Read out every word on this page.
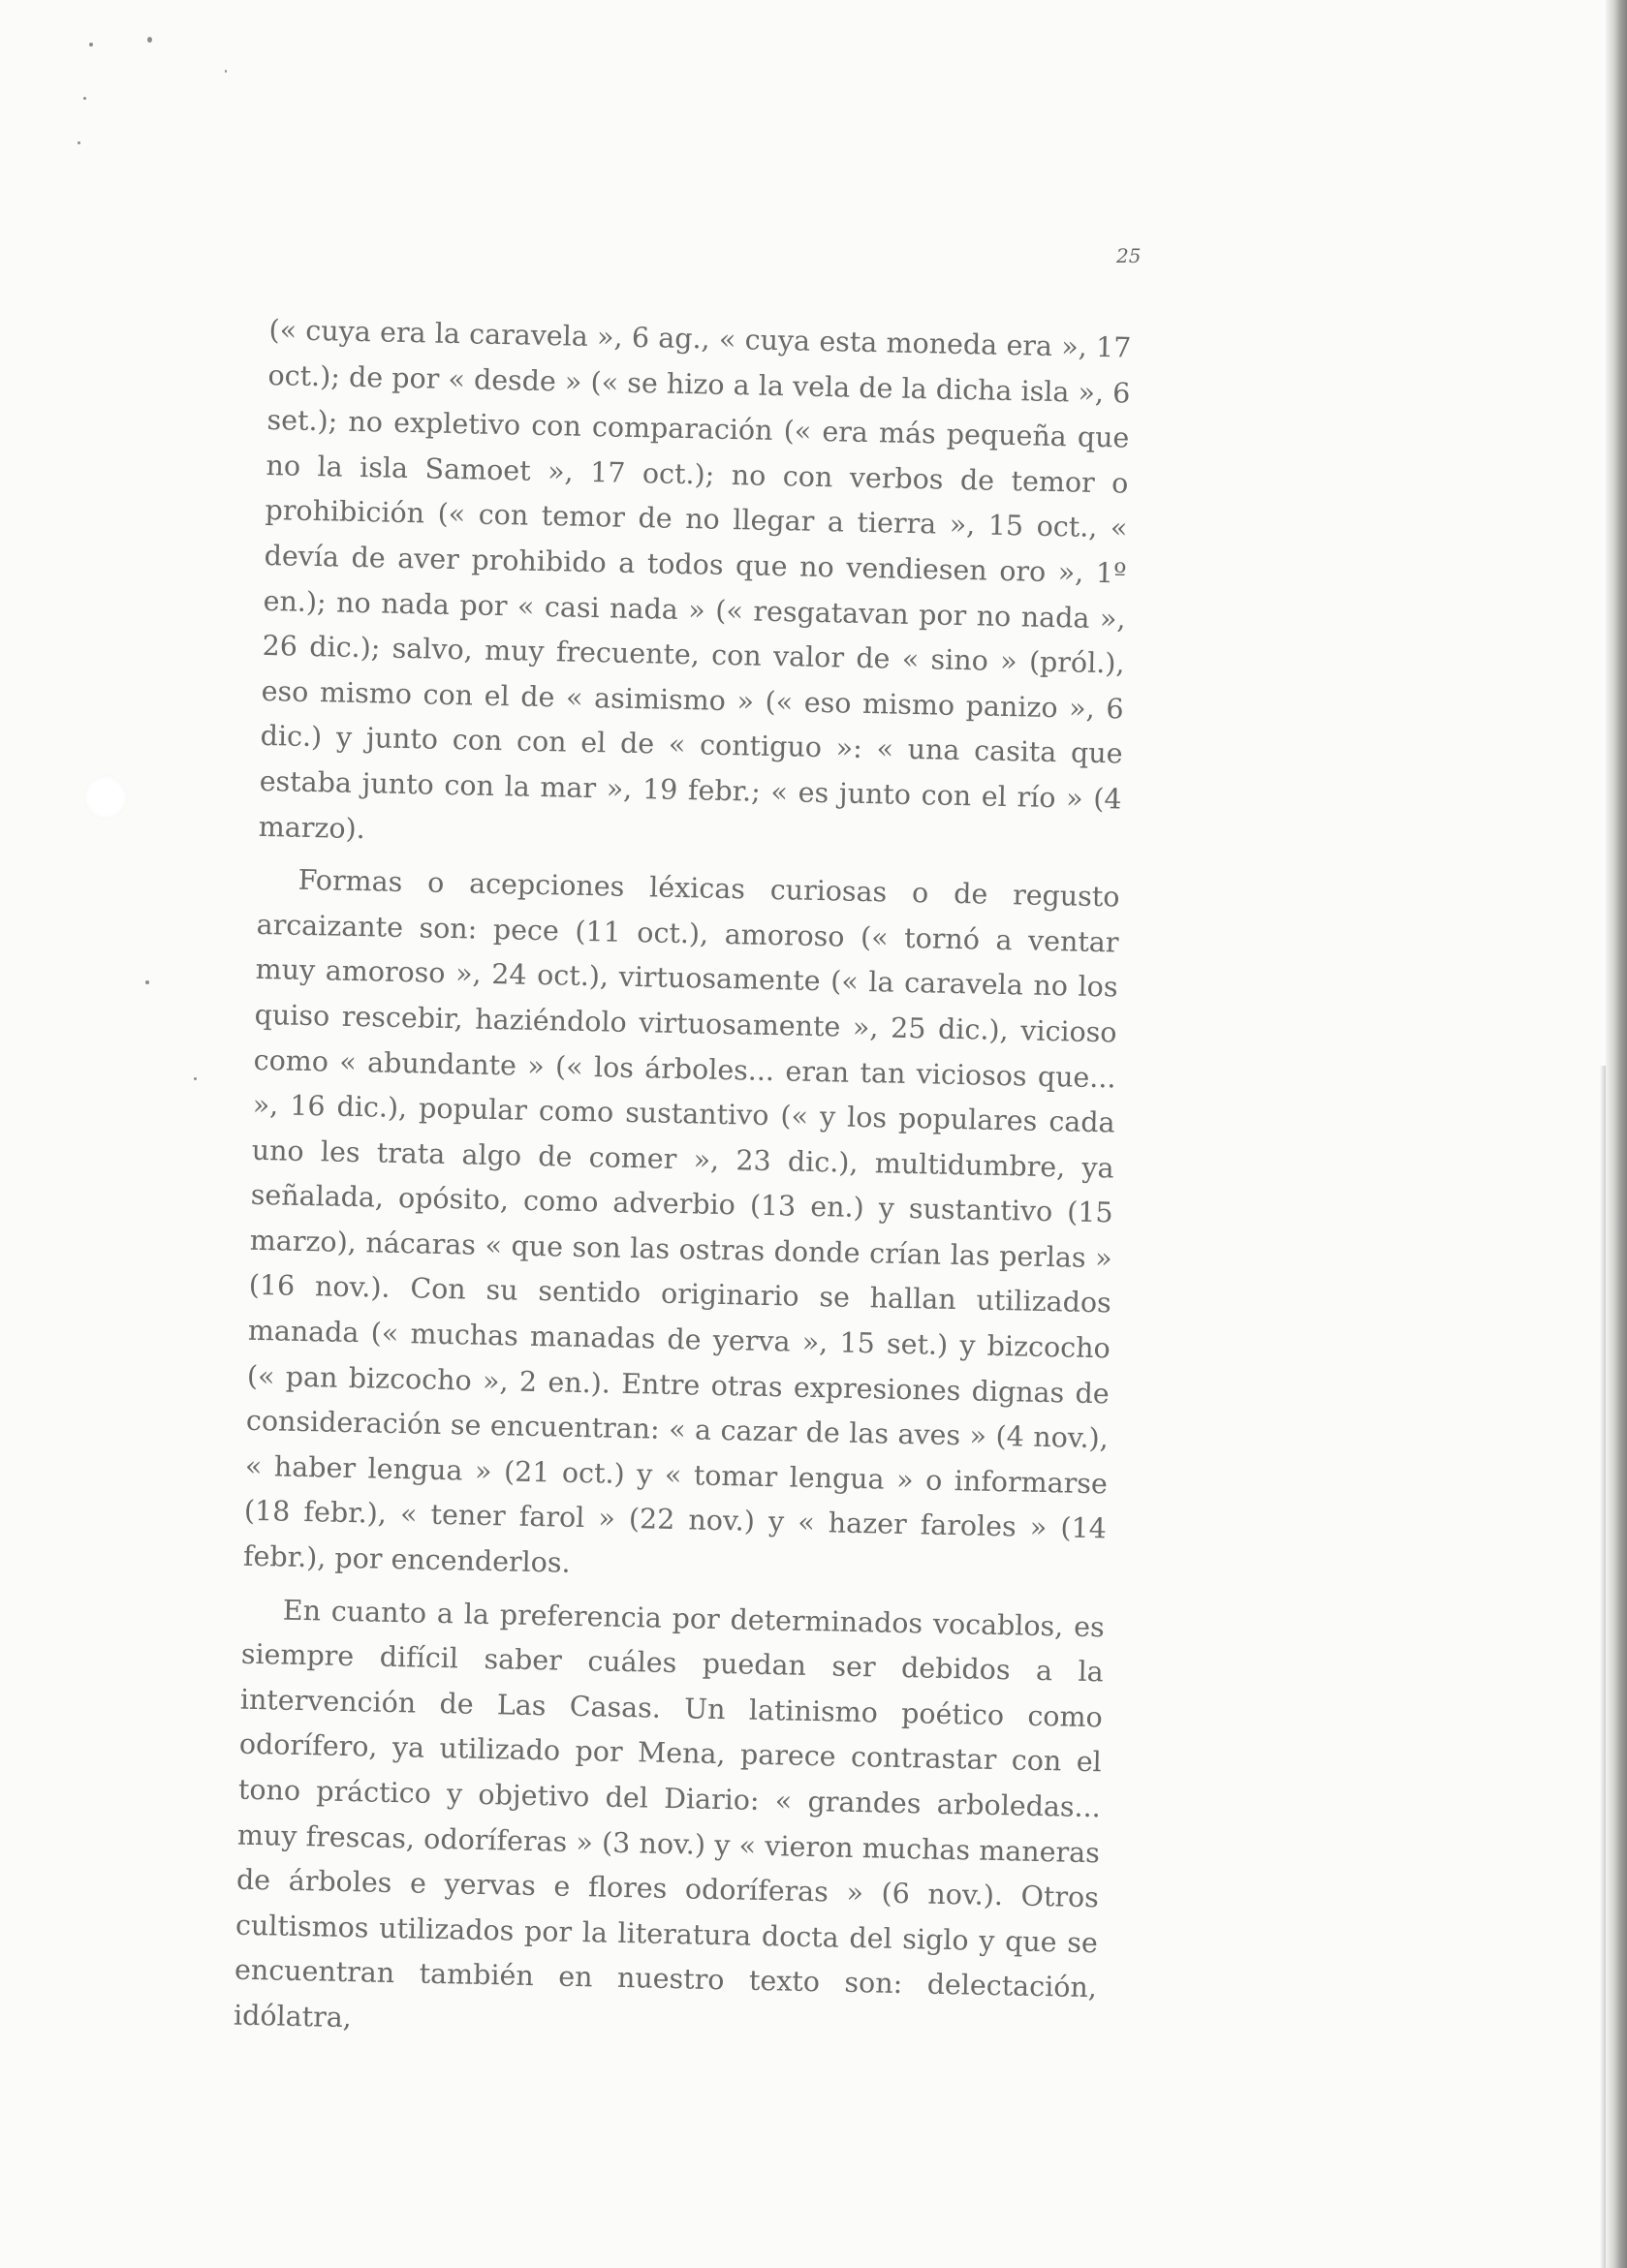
25

(« cuya era la caravela », 6 ag., « cuya esta moneda era », 17 oct.); de por « desde » (« se hizo a la vela de la dicha isla », 6 set.); no expletivo con comparación (« era más pequeña que no la isla Samoet », 17 oct.); no con verbos de temor o prohibición (« con temor de no llegar a tierra », 15 oct., « devía de aver prohibido a todos que no vendiesen oro », 1º en.); no nada por « casi nada » (« resgatavan por no nada », 26 dic.); salvo, muy frecuente, con valor de « sino » (pról.), eso mismo con el de « asimismo » (« eso mismo panizo », 6 dic.) y junto con con el de « contiguo »: « una casita que estaba junto con la mar », 19 febr.; « es junto con el río » (4 marzo).

Formas o acepciones léxicas curiosas o de regusto arcaizante son: pece (11 oct.), amoroso (« tornó a ventar muy amoroso », 24 oct.), virtuosamente (« la caravela no los quiso rescebir, haziéndolo virtuosamente », 25 dic.), vicioso como « abundante » (« los árboles... eran tan viciosos que... », 16 dic.), popular como sustantivo (« y los populares cada uno les trata algo de comer », 23 dic.), multidumbre, ya señalada, opósito, como adverbio (13 en.) y sustantivo (15 marzo), nácaras « que son las ostras donde crían las perlas » (16 nov.). Con su sentido originario se hallan utilizados manada (« muchas manadas de yerva », 15 set.) y bizcocho (« pan bizcocho », 2 en.). Entre otras expresiones dignas de consideración se encuentran: « a cazar de las aves » (4 nov.), « haber lengua » (21 oct.) y « tomar lengua » o informarse (18 febr.), « tener farol » (22 nov.) y « hazer faroles » (14 febr.), por encenderlos.

En cuanto a la preferencia por determinados vocablos, es siempre difícil saber cuáles puedan ser debidos a la intervención de Las Casas. Un latinismo poético como odorífero, ya utilizado por Mena, parece contrastar con el tono práctico y objetivo del Diario: « grandes arboledas... muy frescas, odoríferas » (3 nov.) y « vieron muchas maneras de árboles e yervas e flores odoríferas » (6 nov.). Otros cultismos utilizados por la literatura docta del siglo y que se encuentran también en nuestro texto son: delectación, idólatra,
